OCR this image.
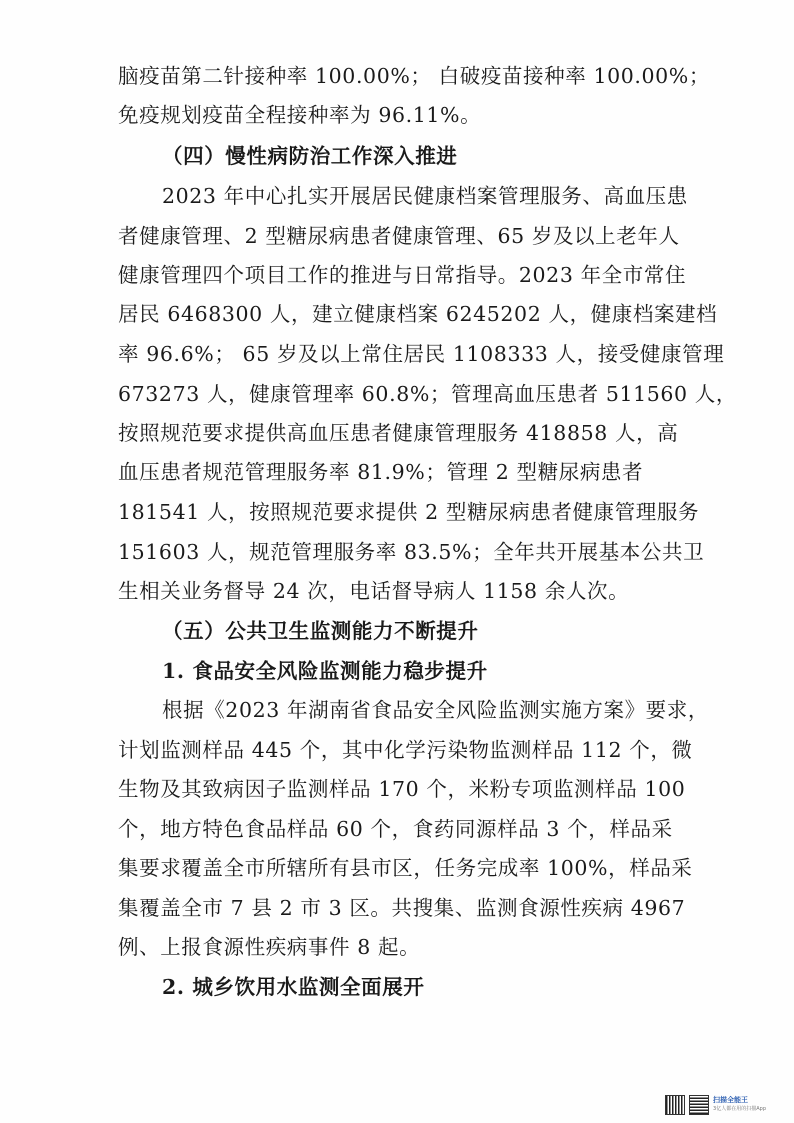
脑疫苗第二针接种率 100.00%； 白破疫苗接种率 100.00%；
免疫规划疫苗全程接种率为 96.11%。
（四）慢性病防治工作深入推进
2023 年中心扎实开展居民健康档案管理服务、高血压患
者健康管理、2 型糖尿病患者健康管理、65 岁及以上老年人
健康管理四个项目工作的推进与日常指导。2023 年全市常住
居民 6468300 人，建立健康档案 6245202 人，健康档案建档
率 96.6%； 65 岁及以上常住居民 1108333 人，接受健康管理
673273 人，健康管理率 60.8%；管理高血压患者 511560 人，
按照规范要求提供高血压患者健康管理服务 418858 人，高
血压患者规范管理服务率 81.9%；管理 2 型糖尿病患者
181541 人，按照规范要求提供 2 型糖尿病患者健康管理服务
151603 人，规范管理服务率 83.5%；全年共开展基本公共卫
生相关业务督导 24 次，电话督导病人 1158 余人次。
（五）公共卫生监测能力不断提升
1. 食品安全风险监测能力稳步提升
根据《2023 年湖南省食品安全风险监测实施方案》要求，
计划监测样品 445 个，其中化学污染物监测样品 112 个，微
生物及其致病因子监测样品 170 个，米粉专项监测样品 100
个，地方特色食品样品 60 个，食药同源样品 3 个，样品采
集要求覆盖全市所辖所有县市区，任务完成率 100%，样品采
集覆盖全市 7 县 2 市 3 区。共搜集、监测食源性疾病 4967
例、上报食源性疾病事件 8 起。
2. 城乡饮用水监测全面展开
扫描全能王
3亿人都在用的扫描App
